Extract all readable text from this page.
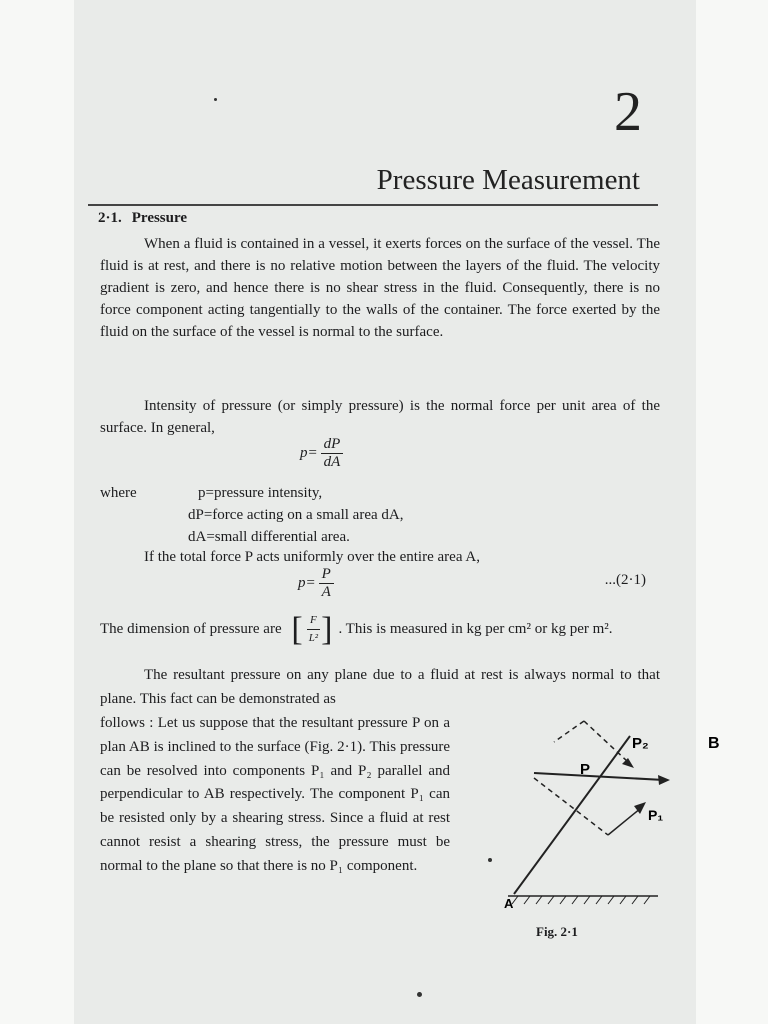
2
Pressure Measurement
2·1. Pressure
When a fluid is contained in a vessel, it exerts forces on the surface of the vessel. The fluid is at rest, and there is no relative motion between the layers of the fluid. The velocity gradient is zero, and hence there is no shear stress in the fluid. Consequently, there is no force component acting tangentially to the walls of the container. The force exerted by the fluid on the surface of the vessel is normal to the surface.
Intensity of pressure (or simply pressure) is the normal force per unit area of the surface. In general,
$p= \frac{dP}{dA}$
where	p=pressure intensity,
dP=force acting on a small area dA,
dA=small differential area.
If the total force P acts uniformly over the entire area A,
$p= \frac{P}{A}$	...(2·1)
The dimension of pressure are [ $\frac{F}{\text{L²}}$ ] . This is measured in kg per cm² or kg per m².
The resultant pressure on any plane due to a fluid at rest is always normal to that plane. This fact can be demonstrated as
follows : Let us suppose that the resultant pressure P on a plan AB is inclined to the surface (Fig. 2·1). This pressure can be resolved into components P₁ and P₂ parallel and perpendicular to AB respectively. The component P₁ can be resisted only by a shearing stress. Since a fluid at rest cannot resist a shearing stress, the pressure must be normal to the plane so that there is no P₁ component.
P
P₂
P₁
A
B
Fig. 2·1
